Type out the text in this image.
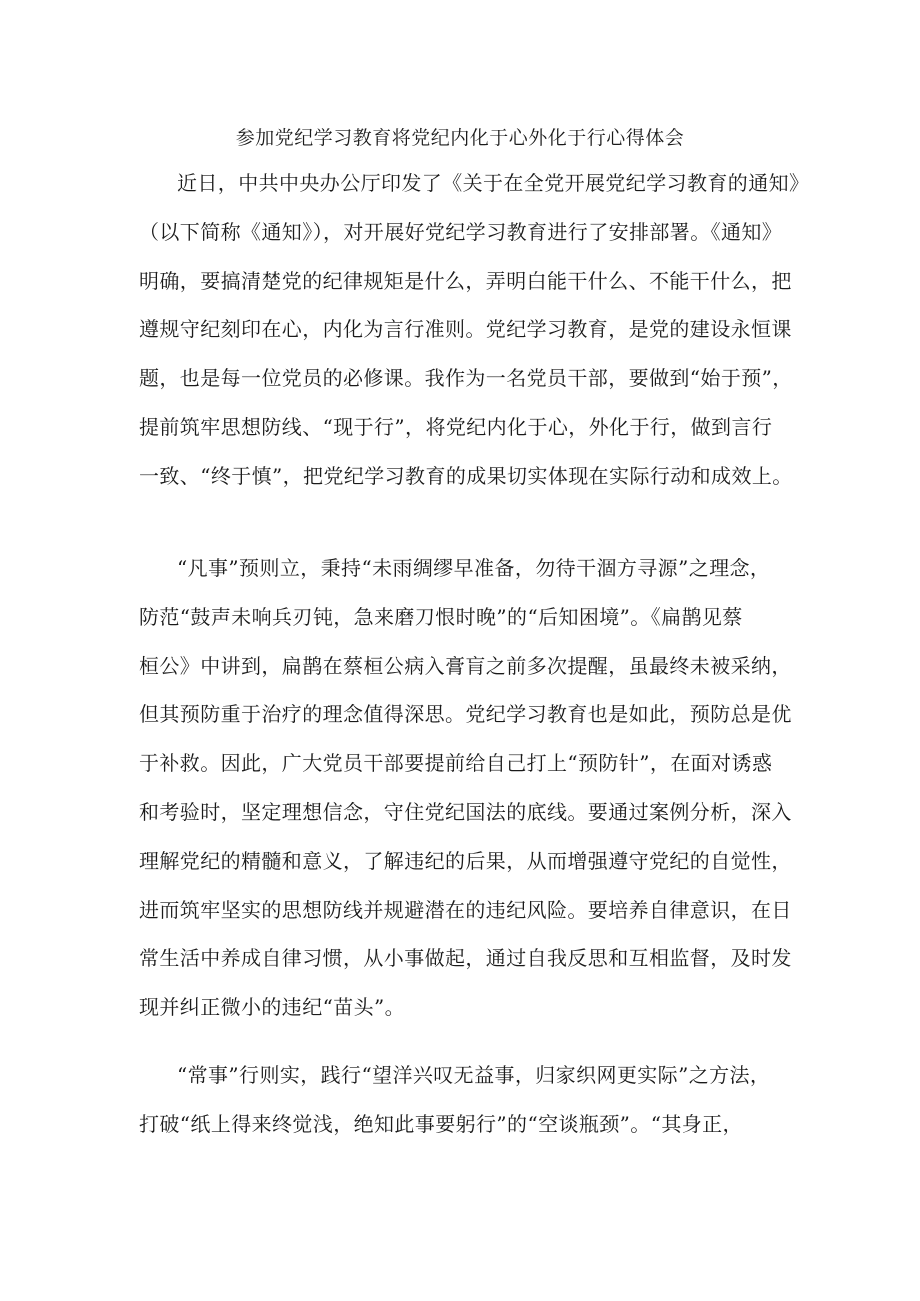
参加党纪学习教育将党纪内化于心外化于行心得体会
近日，中共中央办公厅印发了《关于在全党开展党纪学习教育的通知》
（以下简称《通知》），对开展好党纪学习教育进行了安排部署。《通知》
明确，要搞清楚党的纪律规矩是什么，弄明白能干什么、不能干什么，把
遵规守纪刻印在心，内化为言行准则。党纪学习教育，是党的建设永恒课
题，也是每一位党员的必修课。我作为一名党员干部，要做到“始于预”，
提前筑牢思想防线、“现于行”，将党纪内化于心，外化于行，做到言行
一致、“终于慎”，把党纪学习教育的成果切实体现在实际行动和成效上。
“凡事”预则立，秉持“未雨绸缪早准备，勿待干涸方寻源”之理念，
防范“鼓声未响兵刃钝，急来磨刀恨时晚”的“后知困境”。《扁鹊见蔡
桓公》中讲到，扁鹊在蔡桓公病入膏肓之前多次提醒，虽最终未被采纳，
但其预防重于治疗的理念值得深思。党纪学习教育也是如此，预防总是优
于补救。因此，广大党员干部要提前给自己打上“预防针”，在面对诱惑
和考验时，坚定理想信念，守住党纪国法的底线。要通过案例分析，深入
理解党纪的精髓和意义，了解违纪的后果，从而增强遵守党纪的自觉性，
进而筑牢坚实的思想防线并规避潜在的违纪风险。要培养自律意识，在日
常生活中养成自律习惯，从小事做起，通过自我反思和互相监督，及时发
现并纠正微小的违纪“苗头”。
“常事”行则实，践行“望洋兴叹无益事，归家织网更实际”之方法，
打破“纸上得来终觉浅，绝知此事要躬行”的“空谈瓶颈”。“其身正，
